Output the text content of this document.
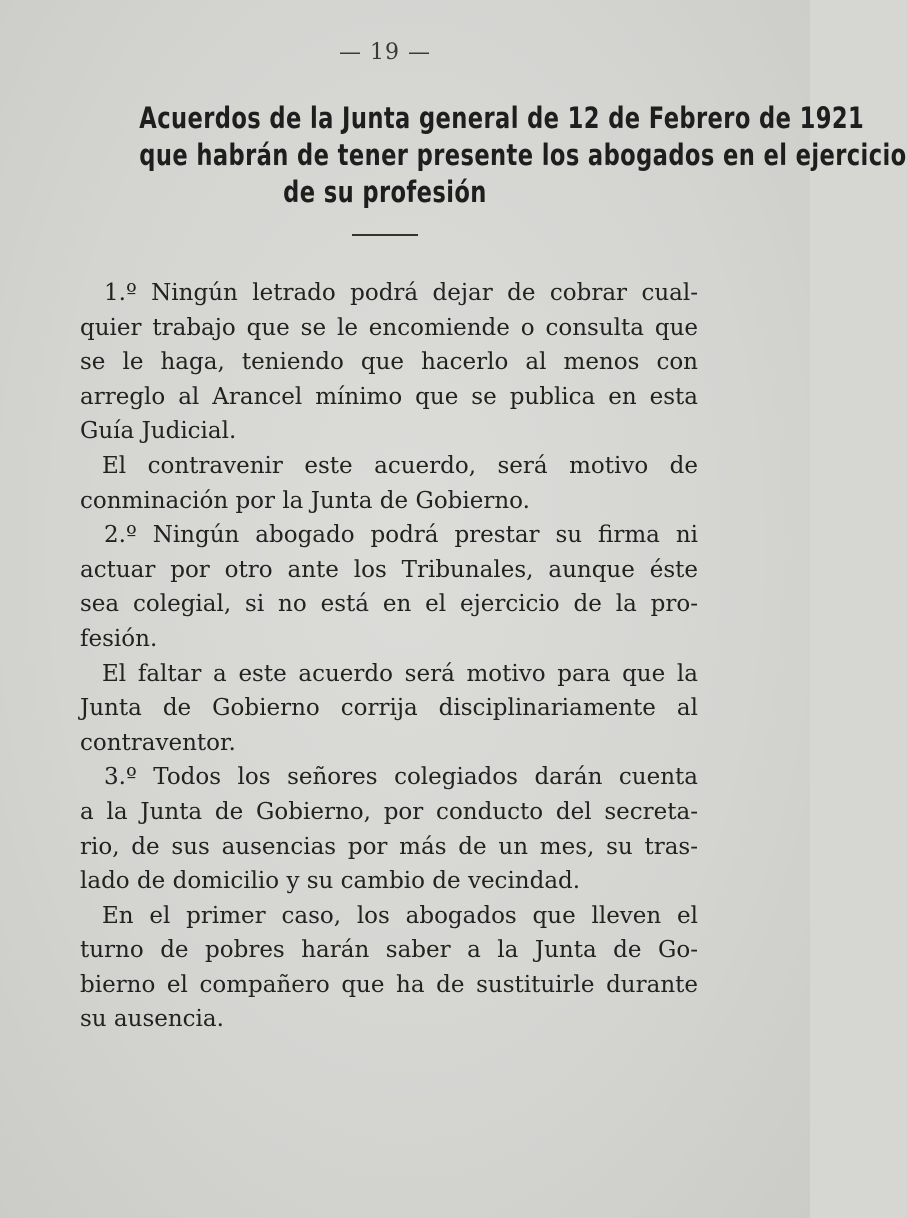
— 19 —
Acuerdos de la Junta general de 12 de Febrero de 1921
que habrán de tener presente los abogados en el ejercicio
de su profesión
1.º Ningún letrado podrá dejar de cobrar cual-
quier trabajo que se le encomiende o consulta que
se le haga, teniendo que hacerlo al menos con
arreglo al Arancel mínimo que se publica en esta
Guía Judicial.
El contravenir este acuerdo, será motivo de
conminación por la Junta de Gobierno.
2.º Ningún abogado podrá prestar su firma ni
actuar por otro ante los Tribunales, aunque éste
sea colegial, si no está en el ejercicio de la pro-
fesión.
El faltar a este acuerdo será motivo para que la
Junta de Gobierno corrija disciplinariamente al
contraventor.
3.º Todos los señores colegiados darán cuenta
a la Junta de Gobierno, por conducto del secreta-
rio, de sus ausencias por más de un mes, su tras-
lado de domicilio y su cambio de vecindad.
En el primer caso, los abogados que lleven el
turno de pobres harán saber a la Junta de Go-
bierno el compañero que ha de sustituirle durante
su ausencia.
